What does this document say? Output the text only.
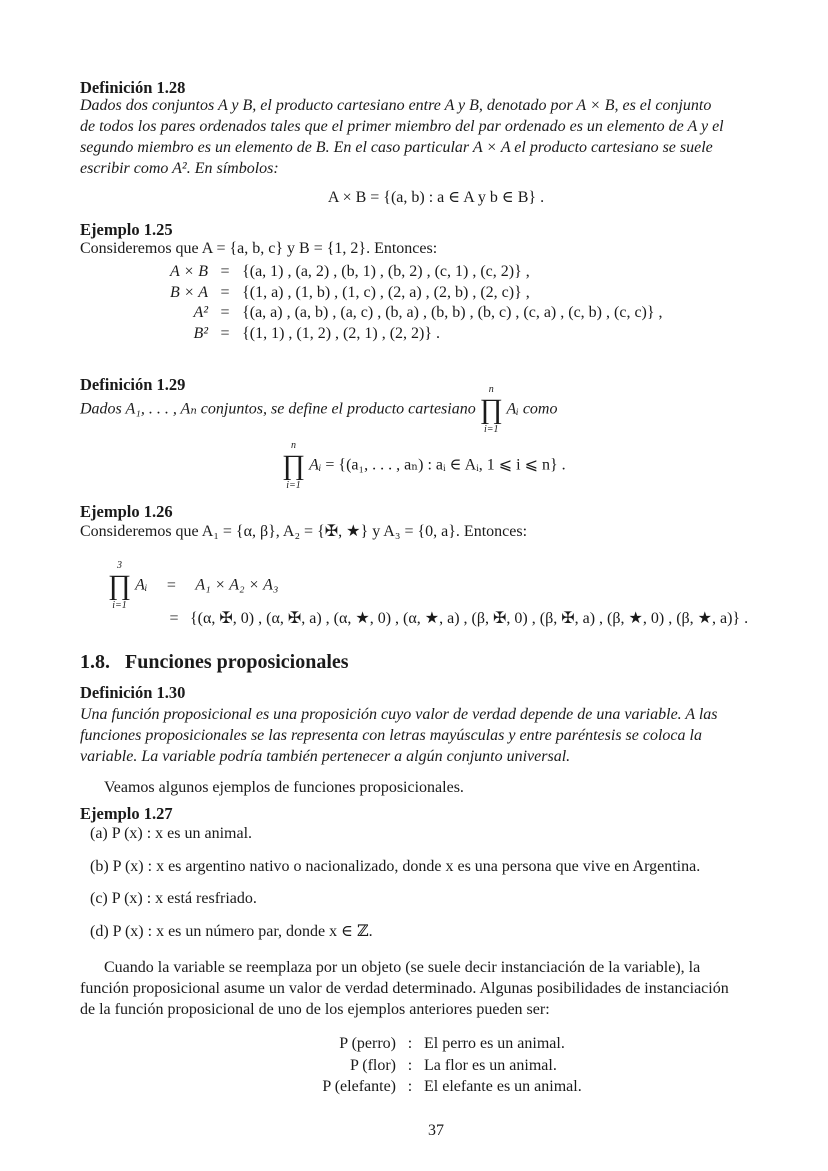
Definición 1.28
Dados dos conjuntos A y B, el producto cartesiano entre A y B, denotado por A × B, es el conjunto
de todos los pares ordenados tales que el primer miembro del par ordenado es un elemento de A y el
segundo miembro es un elemento de B. En el caso particular A × A el producto cartesiano se suele
escribir como A². En símbolos:
A × B = {(a, b) : a ∈ A y b ∈ B} .
Ejemplo 1.25
Consideremos que A = {a, b, c} y B = {1, 2}. Entonces:
A × B = {(a, 1) , (a, 2) , (b, 1) , (b, 2) , (c, 1) , (c, 2)} ,
B × A = {(1, a) , (1, b) , (1, c) , (2, a) , (2, b) , (2, c)} ,
A² = {(a, a) , (a, b) , (a, c) , (b, a) , (b, b) , (b, c) , (c, a) , (c, b) , (c, c)} ,
B² = {(1, 1) , (1, 2) , (2, 1) , (2, 2)} .
Definición 1.29
Dados A₁, . . . , Aₙ conjuntos, se define el producto cartesiano
n
∏
i=1
Aᵢ como
n
∏
i=1
Aᵢ = {(a₁, . . . , aₙ) : aᵢ ∈ Aᵢ, 1 ⩽ i ⩽ n} .
Ejemplo 1.26
Consideremos que A₁ = {α, β}, A₂ = {✠, ★} y A₃ = {0, a}. Entonces:
3
∏
i=1
Aᵢ = A₁ × A₂ × A₃
= {(α, ✠, 0) , (α, ✠, a) , (α, ★, 0) , (α, ★, a) , (β, ✠, 0) , (β, ✠, a) , (β, ★, 0) , (β, ★, a)} .
1.8. Funciones proposicionales
Definición 1.30
Una función proposicional es una proposición cuyo valor de verdad depende de una variable. A las
funciones proposicionales se las representa con letras mayúsculas y entre paréntesis se coloca la
variable. La variable podría también pertenecer a algún conjunto universal.
Veamos algunos ejemplos de funciones proposicionales.
Ejemplo 1.27
(a) P (x) : x es un animal.
(b) P (x) : x es argentino nativo o nacionalizado, donde x es una persona que vive en Argentina.
(c) P (x) : x está resfriado.
(d) P (x) : x es un número par, donde x ∈ ℤ.
Cuando la variable se reemplaza por un objeto (se suele decir instanciación de la variable), la
función proposicional asume un valor de verdad determinado. Algunas posibilidades de instanciación
de la función proposicional de uno de los ejemplos anteriores pueden ser:
P (perro) : El perro es un animal.
P (flor) : La flor es un animal.
P (elefante) : El elefante es un animal.
37
